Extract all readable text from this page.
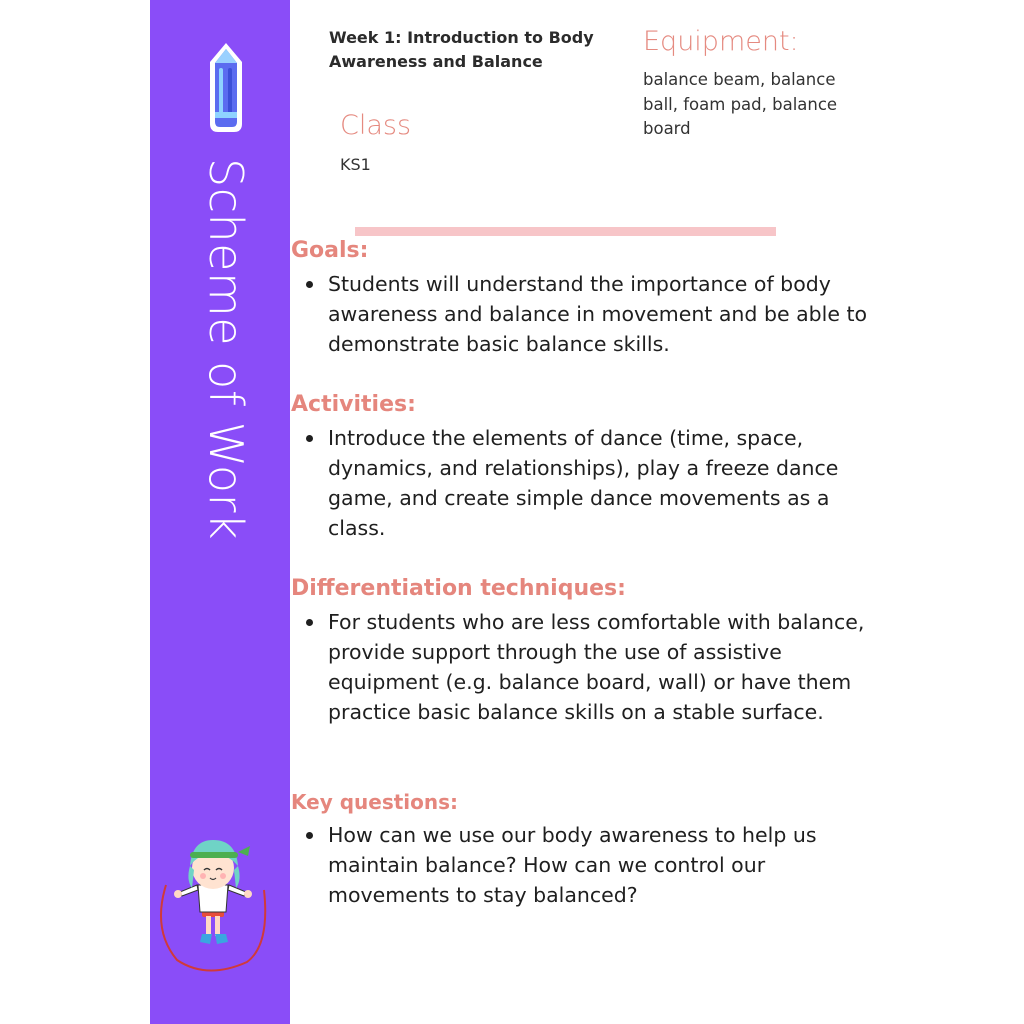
Scheme of Work
Week 1: Introduction to Body Awareness and Balance
Class
KS1
Equipment:
balance beam, balance ball, foam pad, balance board
Goals:
Students will understand the importance of body awareness and balance in movement and be able to demonstrate basic balance skills.
Activities:
Introduce the elements of dance (time, space, dynamics, and relationships), play a freeze dance game, and create simple dance movements as a class.
Differentiation techniques:
For students who are less comfortable with balance, provide support through the use of assistive equipment (e.g. balance board, wall) or have them practice basic balance skills on a stable surface.
Key questions:
How can we use our body awareness to help us maintain balance? How can we control our movements to stay balanced?
